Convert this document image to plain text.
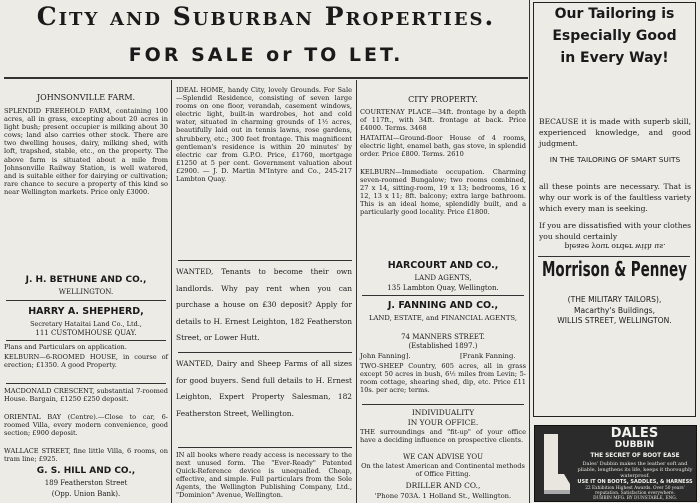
City and Suburban Properties.
FOR SALE or TO LET.
JOHNSONVILLE FARM.
SPLENDID FREEHOLD FARM, containing 100 acres, all in grass, excepting about 20 acres in light bush; present occupier is milking about 30 cows; land also carries other stock. There are two dwelling houses, dairy, milking shed, with loft, trapshed, stable, etc., on the property. The above farm is situated about a mile from Johnsonville Railway Station, is well watered, and is suitable either for dairying or cultivation; rare chance to secure a property of this kind so near Wellington markets. Price only £3000.
J. H. BETHUNE AND CO.,
WELLINGTON.
HARRY A. SHEPHERD,
Secretary Hataitai Land Co., Ltd.,
111 CUSTOMHOUSE QUAY.
Plans and Particulars on application.
KELBURN—6-ROOMED HOUSE, in course of erection; £1350. A good Property.
MACDONALD CRESCENT, substantial 7-roomed House. Bargain, £1250 £250 deposit.
ORIENTAL BAY (Centre).—Close to car, 6-roomed Villa, every modern convenience, good section; £900 deposit.
WALLACE STREET, fine little Villa, 6 rooms, on tram line; £925.
G. S. HILL AND CO.,
189 Featherston Street
(Opp. Union Bank).
IDEAL HOME, handy City, lovely Grounds. For Sale—Splendid Residence, consisting of seven large rooms on one floor, verandah, casement windows, electric light, built-in wardrobes, hot and cold water, situated in charming grounds of 1½ acres, beautifully laid out in tennis lawns, rose gardens, shrubbery, etc.; 300 feet frontage. This magnificent gentleman's residence is within 20 minutes' by electric car from G.P.O. Price, £1760, mortgage £1250 at 5 per cent. Government valuation about £2900. — J. D. Martin M'Intyre and Co., 245-217 Lambton Quay.
WANTED, Tenants to become their own landlords. Why pay rent when you can purchase a house on £30 deposit? Apply for details to H. Ernest Leighton, 182 Featherston Street, or Lower Hutt.
WANTED, Dairy and Sheep Farms of all sizes for good buyers. Send full details to H. Ernest Leighton, Expert Property Salesman, 182 Featherston Street, Wellington.
IN all books where ready access is necessary to the next unused form. The "Ever-Ready" Patented Quick-Reference device is unequalled. Cheap, effective, and simple. Full particulars from the Sole Agents, the Wellington Publishing Company, Ltd., "Dominion" Avenue, Wellington.
CITY PROPERTY.
COURTENAY PLACE—34ft. frontage by a depth of 117ft., with 34ft. frontage at back. Price £4000. Terms. 3468
HATAITAI—Ground-floor House of 4 rooms, electric light, enamel bath, gas stove, in splendid order. Price £800. Terms. 2610
KELBURN—Immediate occupation. Charming seven-roomed Bungalow; two rooms combined, 27 x 14, sitting-room, 19 x 13; bedrooms, 16 x 12, 13 x 11; 8ft. balcony; extra large bathroom. This is an ideal home, splendidly built, and a particularly good locality. Price £1800.
HARCOURT AND CO.,
LAND AGENTS,
135 Lambton Quay, Wellington.
J. FANNING AND CO.,
LAND, ESTATE, and FINANCIAL AGENTS,
74 MANNERS STREET.
(Established 1897.)
John Fanning].	[Frank Fanning.
TWO-SHEEP Country, 605 acres, all in grass except 50 acres in bush, 6½ miles from Levin; 5-room cottage, shearing shed, dip, etc. Price £11 10s. per acre; terms.
INDIVIDUALITY
IN YOUR OFFICE.
THE surroundings and "fit-up" of your office have a deciding influence on prospective clients.
WE CAN ADVISE YOU
On the latest American and Continental methods of Office Fitting.
DRILLER AND CO.,
'Phone 703A. 1 Holland St., Wellington.
Our Tailoring is
Especially Good
in Every Way!
BECAUSE it is made with superb skill, experienced knowledge, and good judgment.
IN THE TAILORING OF SMART SUITS
all these points are necessary. That is why our work is of the faultless variety which every man is seeking.
If you are dissatisfied with your clothes you should certainly
please your order with us.
Morrison & Penney
(THE MILITARY TAILORS),
Macarthy's Buildings,
WILLIS STREET, WELLINGTON.
DALES
DUBBIN
THE SECRET OF BOOT EASE
Dales' Dubbin makes the leather soft and pliable, lengthens its life, keeps it thoroughly waterproof.
USE IT ON BOOTS, SADDLES, & HARNESS
22 Exhibition Highest Awards. Over 50 years' reputation. Satisfaction everywhere.
DUBBIN MFG. BY DUNSTABLE, ENG.
